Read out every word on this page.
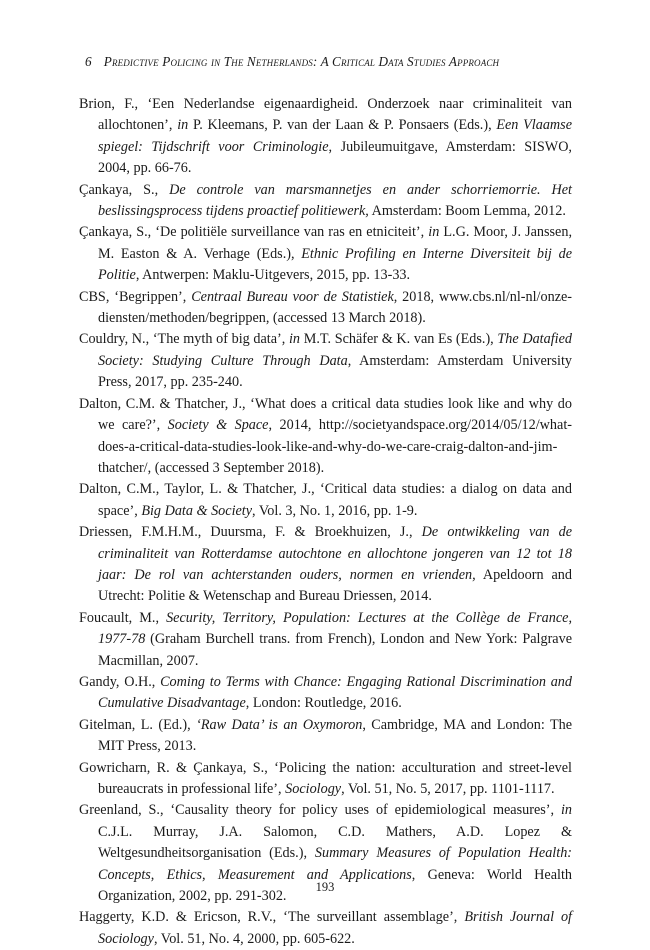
6 Predictive Policing in The Netherlands: A Critical Data Studies Approach

Brion, F., ‘Een Nederlandse eigenaardigheid. Onderzoek naar criminaliteit van allochtonen’, in P. Kleemans, P. van der Laan & P. Ponsaers (Eds.), Een Vlaamse spiegel: Tijdschrift voor Criminologie, Jubileumuitgave, Amsterdam: SISWO, 2004, pp. 66-76.

Çankaya, S., De controle van marsmannetjes en ander schorriemorrie. Het beslissingsprocess tijdens proactief politiewerk, Amsterdam: Boom Lemma, 2012.

Çankaya, S., ‘De politiële surveillance van ras en etniciteit’, in L.G. Moor, J. Janssen, M. Easton & A. Verhage (Eds.), Ethnic Profiling en Interne Diversiteit bij de Politie, Antwerpen: Maklu-Uitgevers, 2015, pp. 13-33.

CBS, ‘Begrippen’, Centraal Bureau voor de Statistiek, 2018, www.cbs.nl/nl-nl/onze-diensten/methoden/begrippen, (accessed 13 March 2018).

Couldry, N., ‘The myth of big data’, in M.T. Schäfer & K. van Es (Eds.), The Datafied Society: Studying Culture Through Data, Amsterdam: Amsterdam University Press, 2017, pp. 235-240.

Dalton, C.M. & Thatcher, J., ‘What does a critical data studies look like and why do we care?’, Society & Space, 2014, http://societyandspace.org/2014/05/12/what-does-a-critical-data-studies-look-like-and-why-do-we-care-craig-dalton-and-jim-thatcher/, (accessed 3 September 2018).

Dalton, C.M., Taylor, L. & Thatcher, J., ‘Critical data studies: a dialog on data and space’, Big Data & Society, Vol. 3, No. 1, 2016, pp. 1-9.

Driessen, F.M.H.M., Duursma, F. & Broekhuizen, J., De ontwikkeling van de criminaliteit van Rotterdamse autochtone en allochtone jongeren van 12 tot 18 jaar: De rol van achterstanden ouders, normen en vrienden, Apeldoorn and Utrecht: Politie & Wetenschap and Bureau Driessen, 2014.

Foucault, M., Security, Territory, Population: Lectures at the Collège de France, 1977-78 (Graham Burchell trans. from French), London and New York: Palgrave Macmillan, 2007.

Gandy, O.H., Coming to Terms with Chance: Engaging Rational Discrimination and Cumulative Disadvantage, London: Routledge, 2016.

Gitelman, L. (Ed.), ‘Raw Data’ is an Oxymoron, Cambridge, MA and London: The MIT Press, 2013.

Gowricharn, R. & Çankaya, S., ‘Policing the nation: acculturation and street-level bureaucrats in professional life’, Sociology, Vol. 51, No. 5, 2017, pp. 1101-1117.

Greenland, S., ‘Causality theory for policy uses of epidemiological measures’, in C.J.L. Murray, J.A. Salomon, C.D. Mathers, A.D. Lopez & Weltgesundheitsorganisation (Eds.), Summary Measures of Population Health: Concepts, Ethics, Measurement and Applications, Geneva: World Health Organization, 2002, pp. 291-302.

Haggerty, K.D. & Ericson, R.V., ‘The surveillant assemblage’, British Journal of Sociology, Vol. 51, No. 4, 2000, pp. 605-622.

193
